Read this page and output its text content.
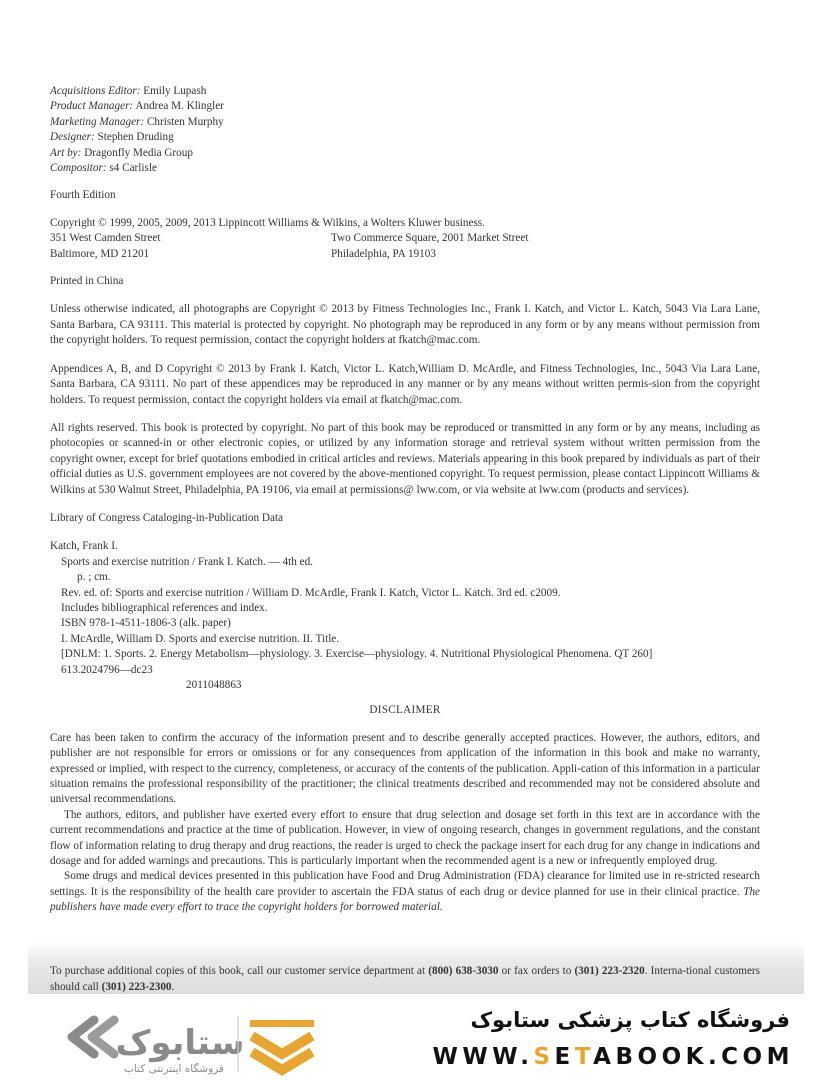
Acquisitions Editor: Emily Lupash
Product Manager: Andrea M. Klingler
Marketing Manager: Christen Murphy
Designer: Stephen Druding
Art by: Dragonfly Media Group
Compositor: s4 Carlisle

Fourth Edition

Copyright © 1999, 2005, 2009, 2013 Lippincott Williams & Wilkins, a Wolters Kluwer business.

351 West Camden Street
Baltimore, MD 21201
Two Commerce Square, 2001 Market Street
Philadelphia, PA 19103

Printed in China

Unless otherwise indicated, all photographs are Copyright © 2013 by Fitness Technologies Inc., Frank I. Katch, and Victor L. Katch, 5043 Via Lara Lane, Santa Barbara, CA 93111. This material is protected by copyright. No photograph may be reproduced in any form or by any means without permission from the copyright holders. To request permission, contact the copyright holders at fkatch@mac.com.

Appendices A, B, and D Copyright © 2013 by Frank I. Katch, Victor L. Katch,William D. McArdle, and Fitness Technologies, Inc., 5043 Via Lara Lane, Santa Barbara, CA 93111. No part of these appendices may be reproduced in any manner or by any means without written permis-sion from the copyright holders. To request permission, contact the copyright holders via email at fkatch@mac.com.

All rights reserved. This book is protected by copyright. No part of this book may be reproduced or transmitted in any form or by any means, including as photocopies or scanned-in or other electronic copies, or utilized by any information storage and retrieval system without written permission from the copyright owner, except for brief quotations embodied in critical articles and reviews. Materials appearing in this book prepared by individuals as part of their official duties as U.S. government employees are not covered by the above-mentioned copyright. To request permission, please contact Lippincott Williams & Wilkins at 530 Walnut Street, Philadelphia, PA 19106, via email at permissions@ lww.com, or via website at lww.com (products and services).

Library of Congress Cataloging-in-Publication Data

Katch, Frank I.
Sports and exercise nutrition / Frank I. Katch. — 4th ed.
p. ; cm.
Rev. ed. of: Sports and exercise nutrition / William D. McArdle, Frank I. Katch, Victor L. Katch. 3rd ed. c2009.
Includes bibliographical references and index.
ISBN 978-1-4511-1806-3 (alk. paper)
I. McArdle, William D. Sports and exercise nutrition. II. Title.
[DNLM: 1. Sports. 2. Energy Metabolism—physiology. 3. Exercise—physiology. 4. Nutritional Physiological Phenomena. QT 260]
613.2024796—dc23
2011048863

DISCLAIMER

Care has been taken to confirm the accuracy of the information present and to describe generally accepted practices. However, the authors, editors, and publisher are not responsible for errors or omissions or for any consequences from application of the information in this book and make no warranty, expressed or implied, with respect to the currency, completeness, or accuracy of the contents of the publication. Appli-cation of this information in a particular situation remains the professional responsibility of the practitioner; the clinical treatments described and recommended may not be considered absolute and universal recommendations.

The authors, editors, and publisher have exerted every effort to ensure that drug selection and dosage set forth in this text are in accordance with the current recommendations and practice at the time of publication. However, in view of ongoing research, changes in government regulations, and the constant flow of information relating to drug therapy and drug reactions, the reader is urged to check the package insert for each drug for any change in indications and dosage and for added warnings and precautions. This is particularly important when the recommended agent is a new or infrequently employed drug.

Some drugs and medical devices presented in this publication have Food and Drug Administration (FDA) clearance for limited use in re-stricted research settings. It is the responsibility of the health care provider to ascertain the FDA status of each drug or device planned for use in their clinical practice. The publishers have made every effort to trace the copyright holders for borrowed material.

To purchase additional copies of this book, call our customer service department at (800) 638-3030 or fax orders to (301) 223-2320. Interna-tional customers should call (301) 223-2300.

ستابوک
فروشگاه اینترنتی کتاب
فروشگاه کتاب پزشکی ستابوک
WWW.SETABOOK.COM
